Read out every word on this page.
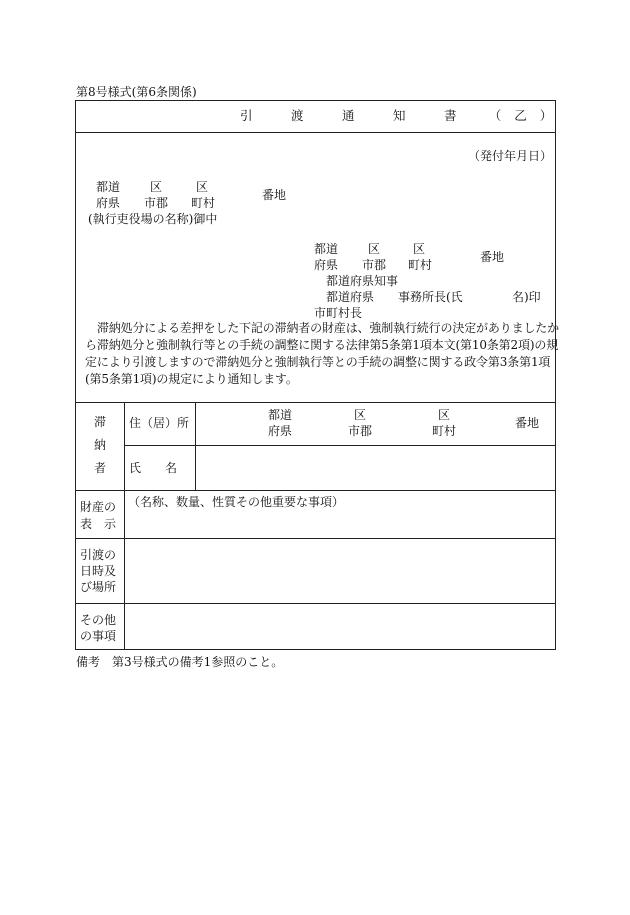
第8号様式(第6条関係)
引　渡　通　知　書　（乙）
（発付年月日）
都道
府県
区
市郡
区
町村
番地
(執行吏役場の名称)御中
都道
府県
区
市郡
区
町村
番地
都道府県知事
都道府県 事務所長(氏	名)印
市町村長
　滞納処分による差押をした下記の滞納者の財産は、強制執行続行の決定がありましたか
ら滞納処分と強制執行等との手続の調整に関する法律第5条第1項本文(第10条第2項)の規
定により引渡しますので滞納処分と強制執行等との手続の調整に関する政令第3条第1項
(第5条第1項)の規定により通知します。
滞
納
者
住（居）所
氏　　名
都道
府県
区
市郡
区
町村
番地
財産の
表　示
（名称、数量、性質その他重要な事項）
引渡の
日時及
び場所
その他
の事項
備考　第3号様式の備考1参照のこと。
